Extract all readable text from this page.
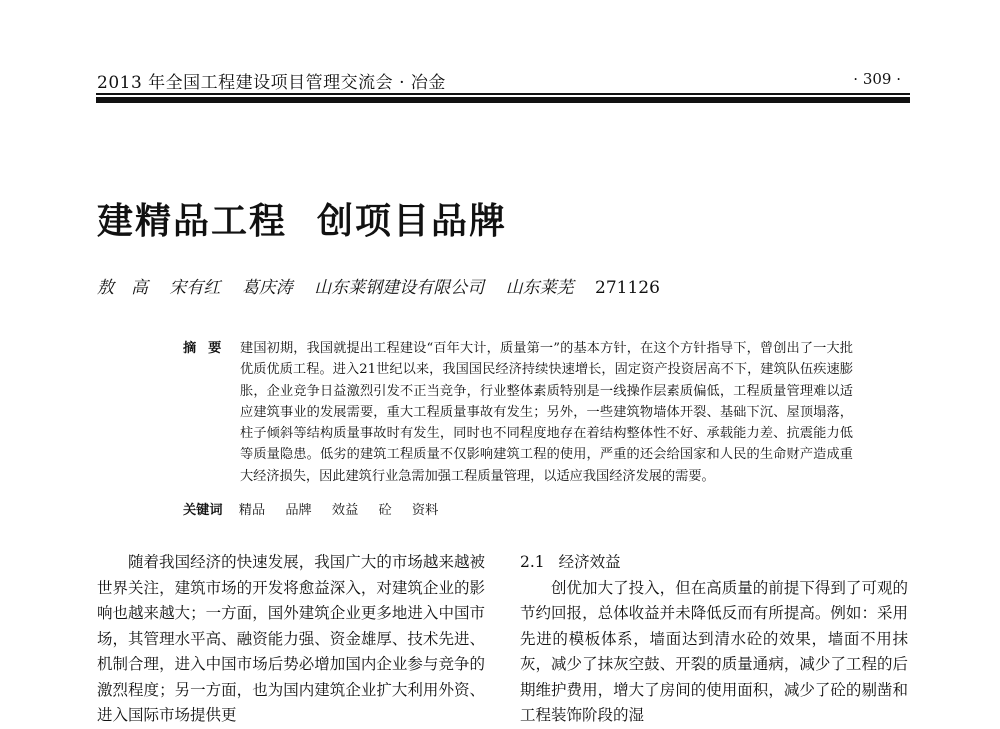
2013 年全国工程建设项目管理交流会 · 冶金	· 309 ·
建精品工程 创项目品牌
敖　高 宋有红 葛庆涛 山东莱钢建设有限公司 山东莱芜 271126
摘要 建国初期，我国就提出工程建设“百年大计，质量第一”的基本方针，在这个方针指导下，曾创出了一大批优质优质工程。进入21世纪以来，我国国民经济持续快速增长，固定资产投资居高不下，建筑队伍疾速膨胀，企业竞争日益激烈引发不正当竞争，行业整体素质特别是一线操作层素质偏低，工程质量管理难以适应建筑事业的发展需要，重大工程质量事故有发生；另外，一些建筑物墙体开裂、基础下沉、屋顶塌落，柱子倾斜等结构质量事故时有发生，同时也不同程度地存在着结构整体性不好、承载能力差、抗震能力低等质量隐患。低劣的建筑工程质量不仅影响建筑工程的使用，严重的还会给国家和人民的生命财产造成重大经济损失，因此建筑行业急需加强工程质量管理，以适应我国经济发展的需要。
关键词 精品 品牌 效益 砼 资料

随着我国经济的快速发展，我国广大的市场越来越被世界关注，建筑市场的开发将愈益深入，对建筑企业的影响也越来越大；一方面，国外建筑企业更多地进入中国市场，其管理水平高、融资能力强、资金雄厚、技术先进、机制合理，进入中国市场后势必增加国内企业参与竞争的激烈程度；另一方面，也为国内建筑企业扩大利用外资、进入国际市场提供更

2.1 经济效益

创优加大了投入，但在高质量的前提下得到了可观的节约回报，总体收益并未降低反而有所提高。例如：采用先进的模板体系，墙面达到清水砼的效果，墙面不用抹灰，减少了抹灰空鼓、开裂的质量通病，减少了工程的后期维护费用，增大了房间的使用面积，减少了砼的剔凿和工程装饰阶段的湿
